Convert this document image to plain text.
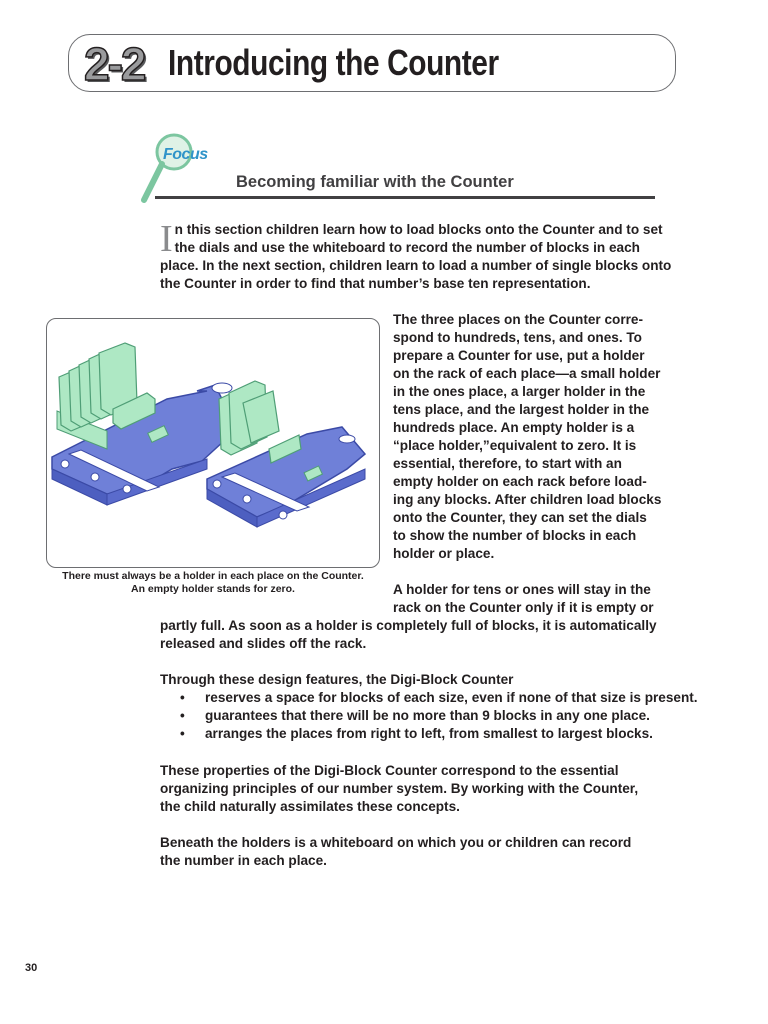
2-2 Introducing the Counter
Focus
Becoming familiar with the Counter

In this section children learn how to load blocks onto the Counter and to set the dials and use the whiteboard to record the number of blocks in each place. In the next section, children learn to load a number of single blocks onto the Counter in order to find that number’s base ten representation.

There must always be a holder in each place on the Counter.
An empty holder stands for zero.
The three places on the Counter corre-
spond to hundreds, tens, and ones. To
prepare a Counter for use, put a holder
on the rack of each place—a small holder
in the ones place, a larger holder in the
tens place, and the largest holder in the
hundreds place. An empty holder is a
“place holder,”equivalent to zero. It is
essential, therefore, to start with an
empty holder on each rack before load-
ing any blocks. After children load blocks
onto the Counter, they can set the dials
to show the number of blocks in each
holder or place.
A holder for tens or ones will stay in the
rack on the Counter only if it is empty or
partly full. As soon as a holder is completely full of blocks, it is automatically
released and slides off the rack.
Through these design features, the Digi-Block Counter
• reserves a space for blocks of each size, even if none of that size is present.
• guarantees that there will be no more than 9 blocks in any one place.
• arranges the places from right to left, from smallest to largest blocks.
These properties of the Digi-Block Counter correspond to the essential
organizing principles of our number system. By working with the Counter,
the child naturally assimilates these concepts.
Beneath the holders is a whiteboard on which you or children can record
the number in each place.
30
